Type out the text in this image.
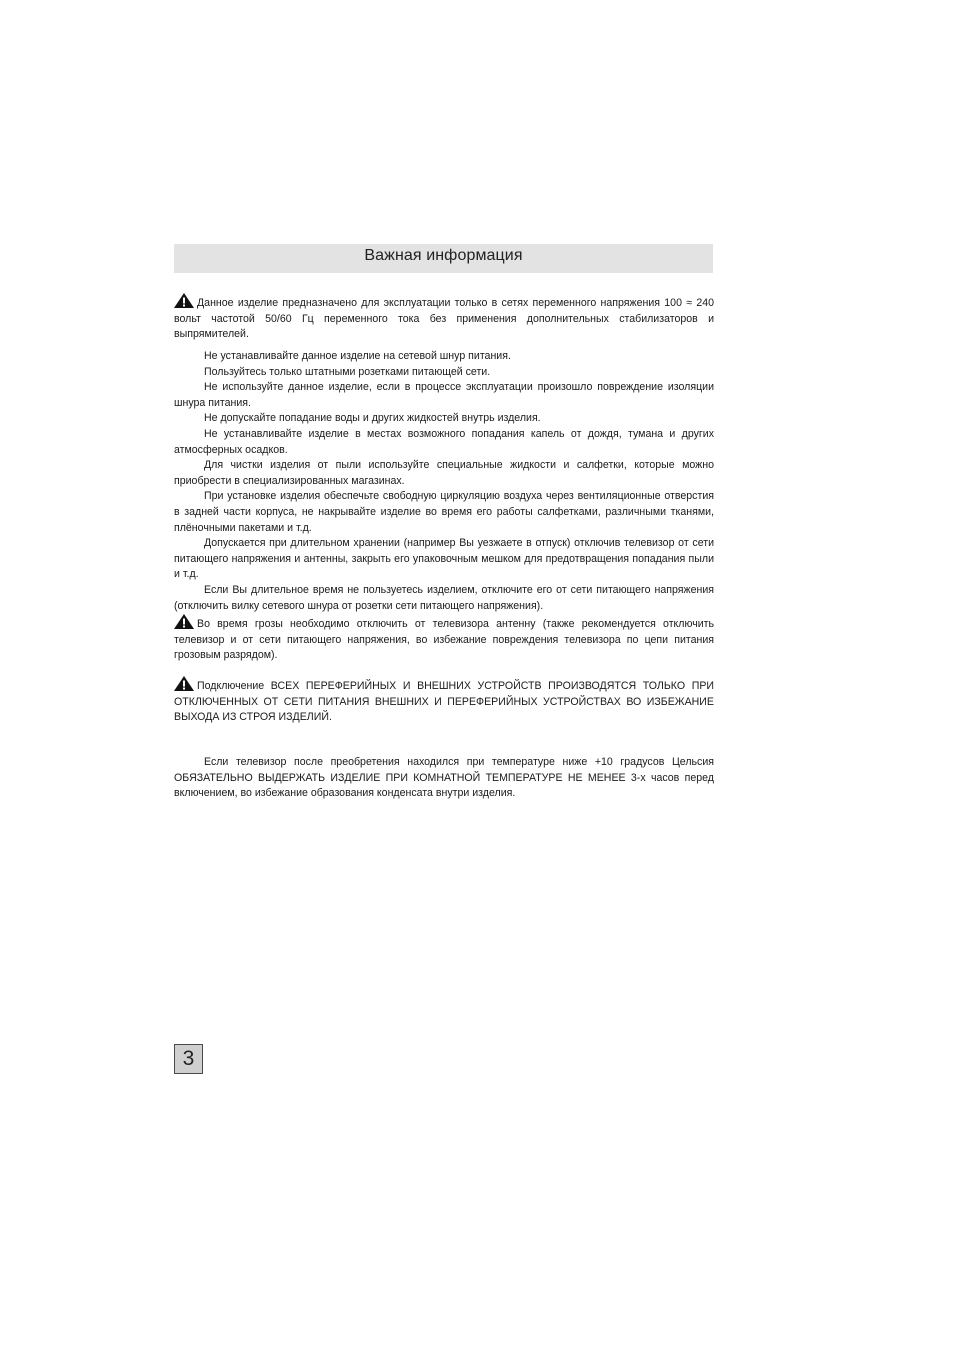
Важная информация

Данное изделие предназначено для эксплуатации только в сетях переменного напряжения 100 ≈ 240 вольт частотой 50/60 Гц переменного тока без применения дополнительных стабилизаторов и выпрямителей.

Не устанавливайте данное изделие на сетевой шнур питания.

Пользуйтесь только штатными розетками питающей сети.

Не используйте данное изделие, если в процессе эксплуатации произошло повреждение изоляции шнура питания.

Не допускайте попадание воды и других жидкостей внутрь изделия.

Не устанавливайте изделие в местах возможного попадания капель от дождя, тумана и других атмосферных осадков.

Для чистки изделия от пыли используйте специальные жидкости и салфетки, которые можно приобрести в специализированных магазинах.

При установке изделия обеспечьте свободную циркуляцию воздуха через вентиляционные отверстия в задней части корпуса, не накрывайте изделие во время его работы салфетками, различными тканями, плёночными пакетами и т.д.

Допускается при длительном хранении (например Вы уезжаете в отпуск) отключив телевизор от сети питающего напряжения и антенны, закрыть его упаковочным мешком для предотвращения попадания пыли и т.д.

Если Вы длительное время не пользуетесь изделием, отключите его от сети питающего напряжения (отключить вилку сетевого шнура от розетки сети питающего напряжения).

Во время грозы необходимо отключить от телевизора антенну (также рекомендуется отключить телевизор и от сети питающего напряжения, во избежание повреждения телевизора по цепи питания грозовым разрядом).

Подключение ВСЕХ ПЕРЕФЕРИЙНЫХ И ВНЕШНИХ УСТРОЙСТВ ПРОИЗВОДЯТСЯ ТОЛЬКО ПРИ ОТКЛЮЧЕННЫХ ОТ СЕТИ ПИТАНИЯ ВНЕШНИХ И ПЕРЕФЕРИЙНЫХ УСТРОЙСТВАХ ВО ИЗБЕЖАНИЕ ВЫХОДА ИЗ СТРОЯ ИЗДЕЛИЙ.

Если телевизор после преобретения находился при температуре ниже +10 градусов Цельсия ОБЯЗАТЕЛЬНО ВЫДЕРЖАТЬ ИЗДЕЛИЕ ПРИ КОМНАТНОЙ ТЕМПЕРАТУРЕ НЕ МЕНЕЕ 3-х часов перед включением, во избежание образования конденсата внутри изделия.

3
